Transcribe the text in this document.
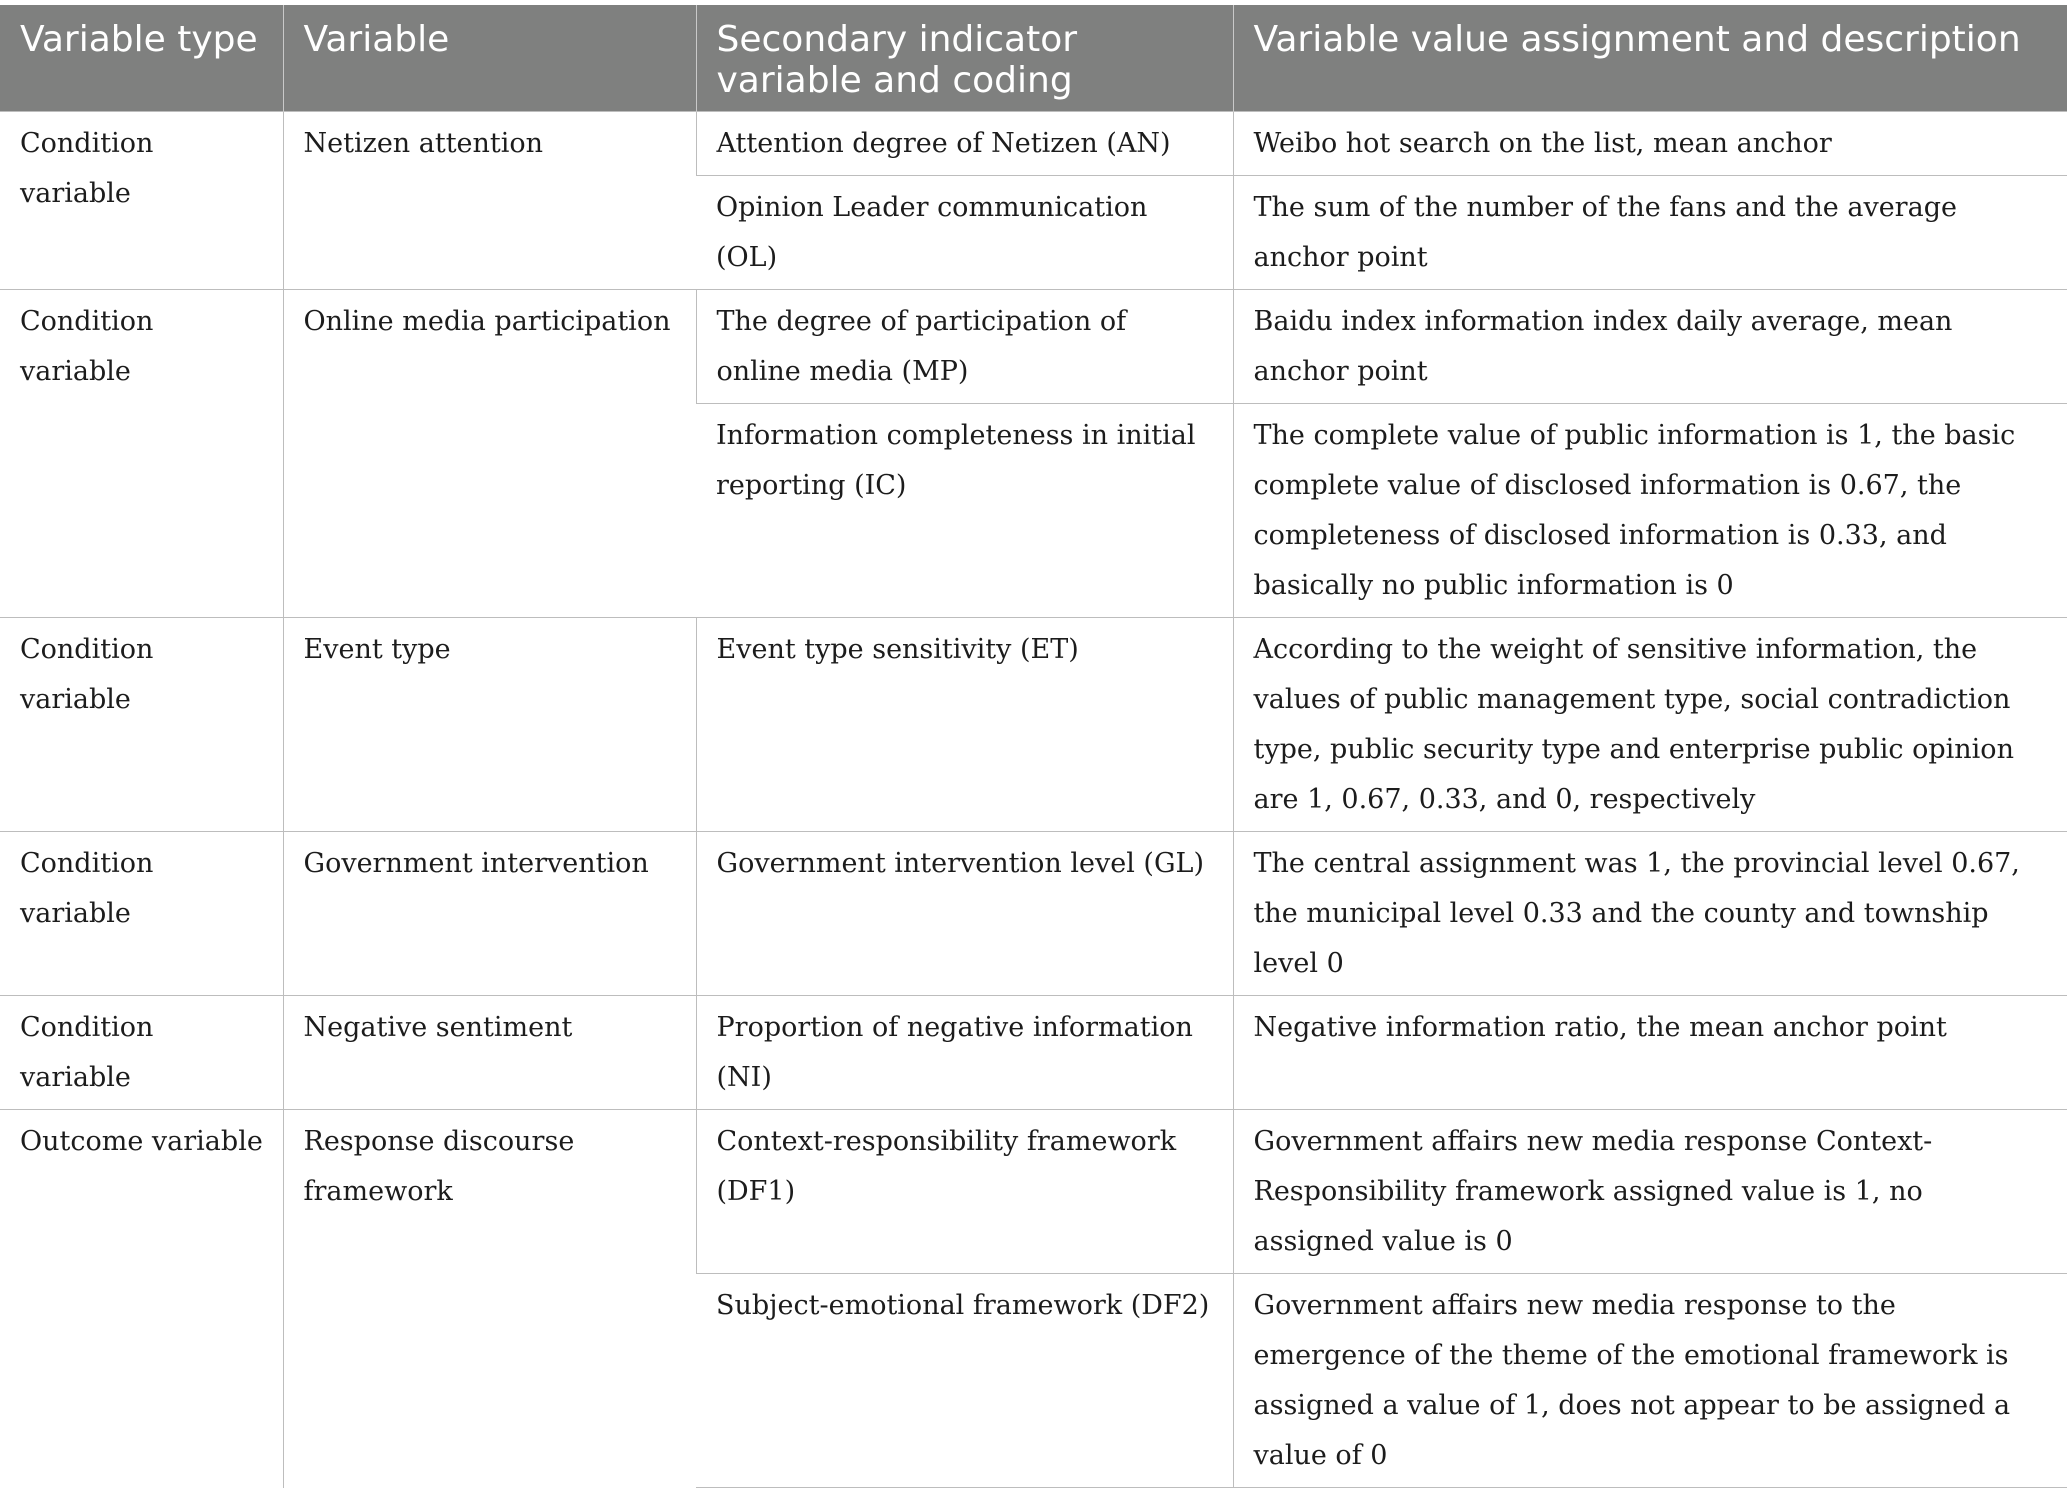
Variable type	Variable	Secondary indicator variable and coding	Variable value assignment and description
Condition variable	Netizen attention	Attention degree of Netizen (AN)	Weibo hot search on the list, mean anchor
		Opinion Leader communication (OL)	The sum of the number of the fans and the average anchor point
Condition variable	Online media participation	The degree of participation of online media (MP)	Baidu index information index daily average, mean anchor point
		Information completeness in initial reporting (IC)	The complete value of public information is 1, the basic complete value of disclosed information is 0.67, the completeness of disclosed information is 0.33, and basically no public information is 0
Condition variable	Event type	Event type sensitivity (ET)	According to the weight of sensitive information, the values of public management type, social contradiction type, public security type and enterprise public opinion are 1, 0.67, 0.33, and 0, respectively
Condition variable	Government intervention	Government intervention level (GL)	The central assignment was 1, the provincial level 0.67, the municipal level 0.33 and the county and township level 0
Condition variable	Negative sentiment	Proportion of negative information (NI)	Negative information ratio, the mean anchor point
Outcome variable	Response discourse framework	Context-responsibility framework (DF1)	Government affairs new media response Context-Responsibility framework assigned value is 1, no assigned value is 0
		Subject-emotional framework (DF2)	Government affairs new media response to the emergence of the theme of the emotional framework is assigned a value of 1, does not appear to be assigned a value of 0
